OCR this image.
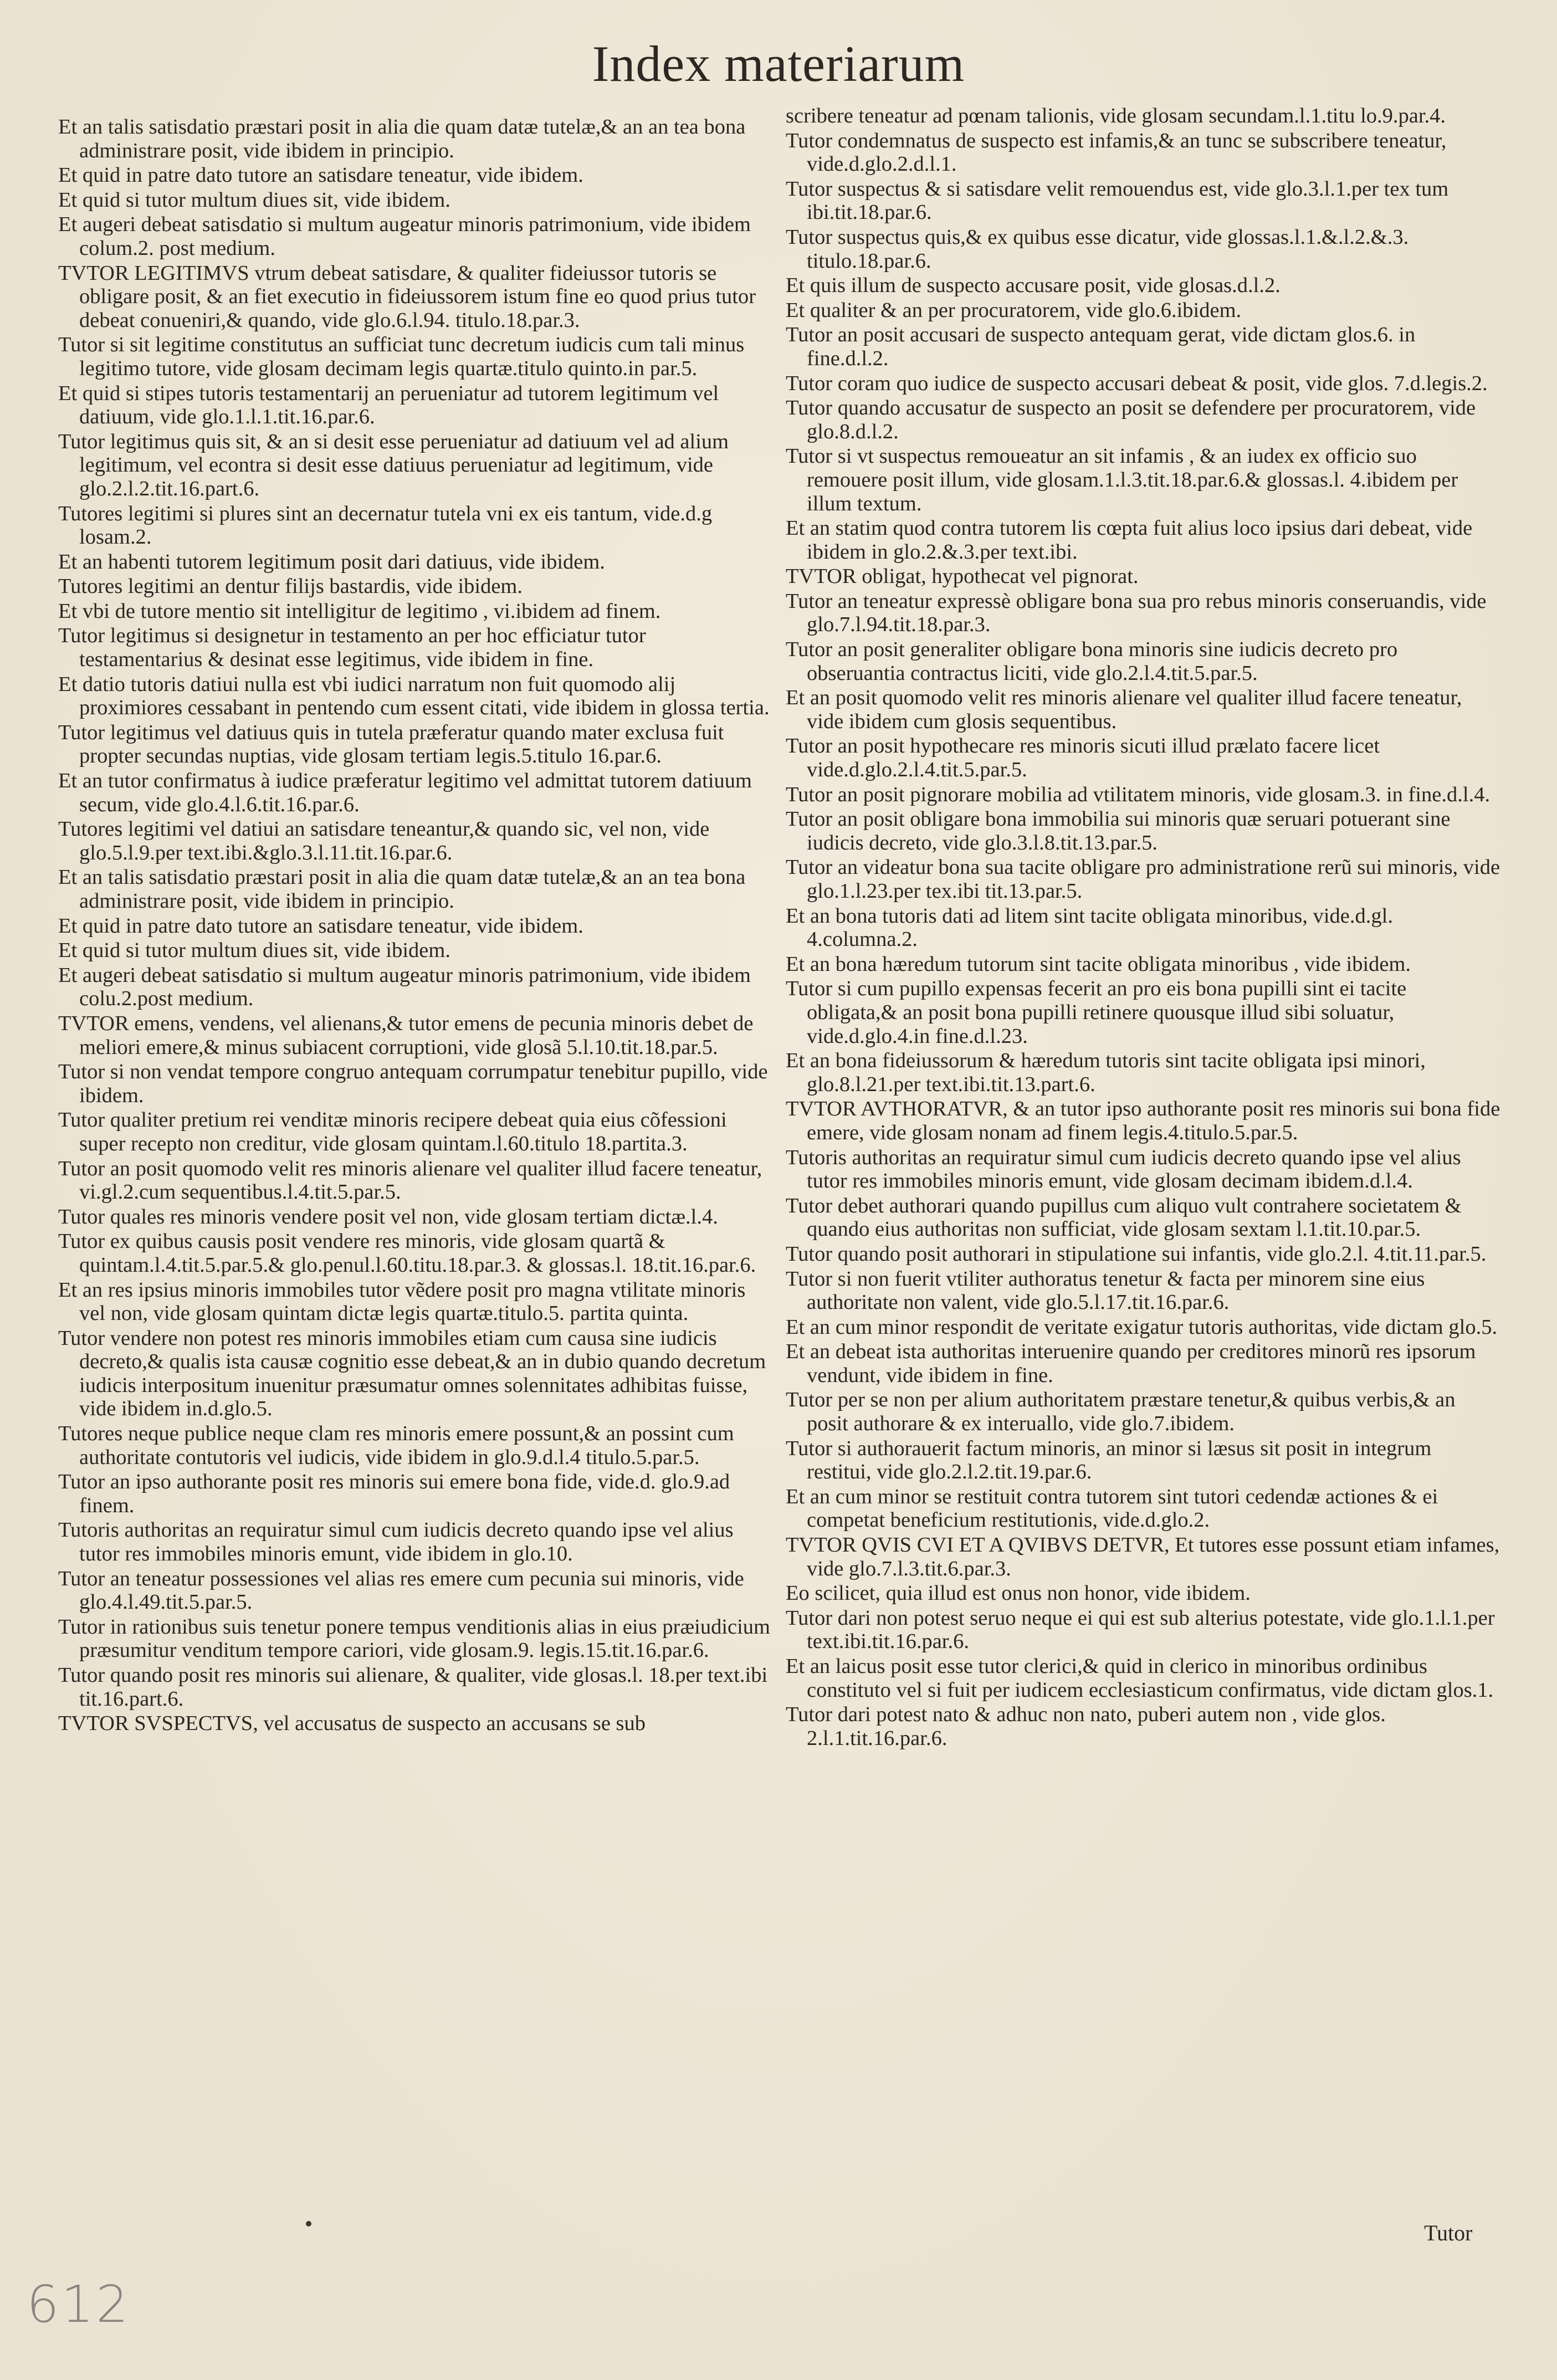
Index materiarum
Et an talis satisdatio præstari posit in alia die quam datæ tutelæ,& an an tea bona administrare posit, vide ibidem in principio.
Et quid in patre dato tutore an satisdare teneatur, vide ibidem.
Et quid si tutor multum diues sit, vide ibidem.
Et augeri debeat satisdatio si multum augeatur minoris patrimonium, vide ibidem colum.2. post medium.
TVTOR LEGITIMVS vtrum debeat satisdare, & qualiter fideiussor tutoris se obligare posit, & an fiet executio in fideiussorem istum fine eo quod prius tutor debeat conueniri,& quando, vide glo.6.l.94. titulo.18.par.3.
Tutor si sit legitime constitutus an sufficiat tunc decretum iudicis cum tali minus legitimo tutore, vide glosam decimam legis quartæ.titulo quinto.in par.5.
Et quid si stipes tutoris testamentarij an perueniatur ad tutorem legitimum vel datiuum, vide glo.1.l.1.tit.16.par.6.
Tutor legitimus quis sit, & an si desit esse perueniatur ad datiuum vel ad alium legitimum, vel econtra si desit esse datiuus perueniatur ad legitimum, vide glo.2.l.2.tit.16.part.6.
Tutores legitimi si plures sint an decernatur tutela vni ex eis tantum, vide.d.g losam.2.
Et an habenti tutorem legitimum posit dari datiuus, vide ibidem.
Tutores legitimi an dentur filijs bastardis, vide ibidem.
Et vbi de tutore mentio sit intelligitur de legitimo , vi.ibidem ad finem.
Tutor legitimus si designetur in testamento an per hoc efficiatur tutor testamentarius & desinat esse legitimus, vide ibidem in fine.
Et datio tutoris datiui nulla est vbi iudici narratum non fuit quomodo alij proximiores cessabant in pentendo cum essent citati, vide ibidem in glossa tertia.
Tutor legitimus vel datiuus quis in tutela præferatur quando mater exclusa fuit propter secundas nuptias, vide glosam tertiam legis.5.titulo 16.par.6.
Et an tutor confirmatus à iudice præferatur legitimo vel admittat tutorem datiuum secum, vide glo.4.l.6.tit.16.par.6.
Tutores legitimi vel datiui an satisdare teneantur,& quando sic, vel non, vide glo.5.l.9.per text.ibi.&glo.3.l.11.tit.16.par.6.
Et an talis satisdatio præstari posit in alia die quam datæ tutelæ,& an an tea bona administrare posit, vide ibidem in principio.
Et quid in patre dato tutore an satisdare teneatur, vide ibidem.
Et quid si tutor multum diues sit, vide ibidem.
Et augeri debeat satisdatio si multum augeatur minoris patrimonium, vide ibidem colu.2.post medium.
TVTOR emens, vendens, vel alienans,& tutor emens de pecunia minoris debet de meliori emere,& minus subiacent corruptioni, vide glosã 5.l.10.tit.18.par.5.
Tutor si non vendat tempore congruo antequam corrumpatur tenebitur pupillo, vide ibidem.
Tutor qualiter pretium rei venditæ minoris recipere debeat quia eius cõfessioni super recepto non creditur, vide glosam quintam.l.60.titulo 18.partita.3.
Tutor an posit quomodo velit res minoris alienare vel qualiter illud facere teneatur, vi.gl.2.cum sequentibus.l.4.tit.5.par.5.
Tutor quales res minoris vendere posit vel non, vide glosam tertiam dictæ.l.4.
Tutor ex quibus causis posit vendere res minoris, vide glosam quartã & quintam.l.4.tit.5.par.5.& glo.penul.l.60.titu.18.par.3. & glossas.l. 18.tit.16.par.6.
Et an res ipsius minoris immobiles tutor vẽdere posit pro magna vtilitate minoris vel non, vide glosam quintam dictæ legis quartæ.titulo.5. partita quinta.
Tutor vendere non potest res minoris immobiles etiam cum causa sine iudicis decreto,& qualis ista causæ cognitio esse debeat,& an in dubio quando decretum iudicis interpositum inuenitur præsumatur omnes solennitates adhibitas fuisse, vide ibidem in.d.glo.5.
Tutores neque publice neque clam res minoris emere possunt,& an possint cum authoritate contutoris vel iudicis, vide ibidem in glo.9.d.l.4 titulo.5.par.5.
Tutor an ipso authorante posit res minoris sui emere bona fide, vide.d. glo.9.ad finem.
Tutoris authoritas an requiratur simul cum iudicis decreto quando ipse vel alius tutor res immobiles minoris emunt, vide ibidem in glo.10.
Tutor an teneatur possessiones vel alias res emere cum pecunia sui minoris, vide glo.4.l.49.tit.5.par.5.
Tutor in rationibus suis tenetur ponere tempus venditionis alias in eius præiudicium præsumitur venditum tempore cariori, vide glosam.9. legis.15.tit.16.par.6.
Tutor quando posit res minoris sui alienare, & qualiter, vide glosas.l. 18.per text.ibi tit.16.part.6.
TVTOR SVSPECTVS, vel accusatus de suspecto an accusans se sub
scribere teneatur ad pœnam talionis, vide glosam secundam.l.1.titu lo.9.par.4.
Tutor condemnatus de suspecto est infamis,& an tunc se subscribere teneatur, vide.d.glo.2.d.l.1.
Tutor suspectus & si satisdare velit remouendus est, vide glo.3.l.1.per tex tum ibi.tit.18.par.6.
Tutor suspectus quis,& ex quibus esse dicatur, vide glossas.l.1.&.l.2.&.3. titulo.18.par.6.
Et quis illum de suspecto accusare posit, vide glosas.d.l.2.
Et qualiter & an per procuratorem, vide glo.6.ibidem.
Tutor an posit accusari de suspecto antequam gerat, vide dictam glos.6. in fine.d.l.2.
Tutor coram quo iudice de suspecto accusari debeat & posit, vide glos. 7.d.legis.2.
Tutor quando accusatur de suspecto an posit se defendere per procuratorem, vide glo.8.d.l.2.
Tutor si vt suspectus remoueatur an sit infamis , & an iudex ex officio suo remouere posit illum, vide glosam.1.l.3.tit.18.par.6.& glossas.l. 4.ibidem per illum textum.
Et an statim quod contra tutorem lis cœpta fuit alius loco ipsius dari debeat, vide ibidem in glo.2.&.3.per text.ibi.
TVTOR obligat, hypothecat vel pignorat.
Tutor an teneatur expressè obligare bona sua pro rebus minoris conseruandis, vide glo.7.l.94.tit.18.par.3.
Tutor an posit generaliter obligare bona minoris sine iudicis decreto pro obseruantia contractus liciti, vide glo.2.l.4.tit.5.par.5.
Et an posit quomodo velit res minoris alienare vel qualiter illud facere teneatur, vide ibidem cum glosis sequentibus.
Tutor an posit hypothecare res minoris sicuti illud prælato facere licet vide.d.glo.2.l.4.tit.5.par.5.
Tutor an posit pignorare mobilia ad vtilitatem minoris, vide glosam.3. in fine.d.l.4.
Tutor an posit obligare bona immobilia sui minoris quæ seruari potuerant sine iudicis decreto, vide glo.3.l.8.tit.13.par.5.
Tutor an videatur bona sua tacite obligare pro administratione rerũ sui minoris, vide glo.1.l.23.per tex.ibi tit.13.par.5.
Et an bona tutoris dati ad litem sint tacite obligata minoribus, vide.d.gl. 4.columna.2.
Et an bona hæredum tutorum sint tacite obligata minoribus , vide ibidem.
Tutor si cum pupillo expensas fecerit an pro eis bona pupilli sint ei tacite obligata,& an posit bona pupilli retinere quousque illud sibi soluatur, vide.d.glo.4.in fine.d.l.23.
Et an bona fideiussorum & hæredum tutoris sint tacite obligata ipsi minori, glo.8.l.21.per text.ibi.tit.13.part.6.
TVTOR AVTHORATVR, & an tutor ipso authorante posit res minoris sui bona fide emere, vide glosam nonam ad finem legis.4.titulo.5.par.5.
Tutoris authoritas an requiratur simul cum iudicis decreto quando ipse vel alius tutor res immobiles minoris emunt, vide glosam decimam ibidem.d.l.4.
Tutor debet authorari quando pupillus cum aliquo vult contrahere societatem & quando eius authoritas non sufficiat, vide glosam sextam l.1.tit.10.par.5.
Tutor quando posit authorari in stipulatione sui infantis, vide glo.2.l. 4.tit.11.par.5.
Tutor si non fuerit vtiliter authoratus tenetur & facta per minorem sine eius authoritate non valent, vide glo.5.l.17.tit.16.par.6.
Et an cum minor respondit de veritate exigatur tutoris authoritas, vide dictam glo.5.
Et an debeat ista authoritas interuenire quando per creditores minorũ res ipsorum vendunt, vide ibidem in fine.
Tutor per se non per alium authoritatem præstare tenetur,& quibus verbis,& an posit authorare & ex interuallo, vide glo.7.ibidem.
Tutor si authorauerit factum minoris, an minor si læsus sit posit in integrum restitui, vide glo.2.l.2.tit.19.par.6.
Et an cum minor se restituit contra tutorem sint tutori cedendæ actiones & ei competat beneficium restitutionis, vide.d.glo.2.
TVTOR QVIS CVI ET A QVIBVS DETVR, Et tutores esse possunt etiam infames, vide glo.7.l.3.tit.6.par.3.
Eo scilicet, quia illud est onus non honor, vide ibidem.
Tutor dari non potest seruo neque ei qui est sub alterius potestate, vide glo.1.l.1.per text.ibi.tit.16.par.6.
Et an laicus posit esse tutor clerici,& quid in clerico in minoribus ordinibus constituto vel si fuit per iudicem ecclesiasticum confirmatus, vide dictam glos.1.
Tutor dari potest nato & adhuc non nato, puberi autem non , vide glos. 2.l.1.tit.16.par.6.
Tutor
612
